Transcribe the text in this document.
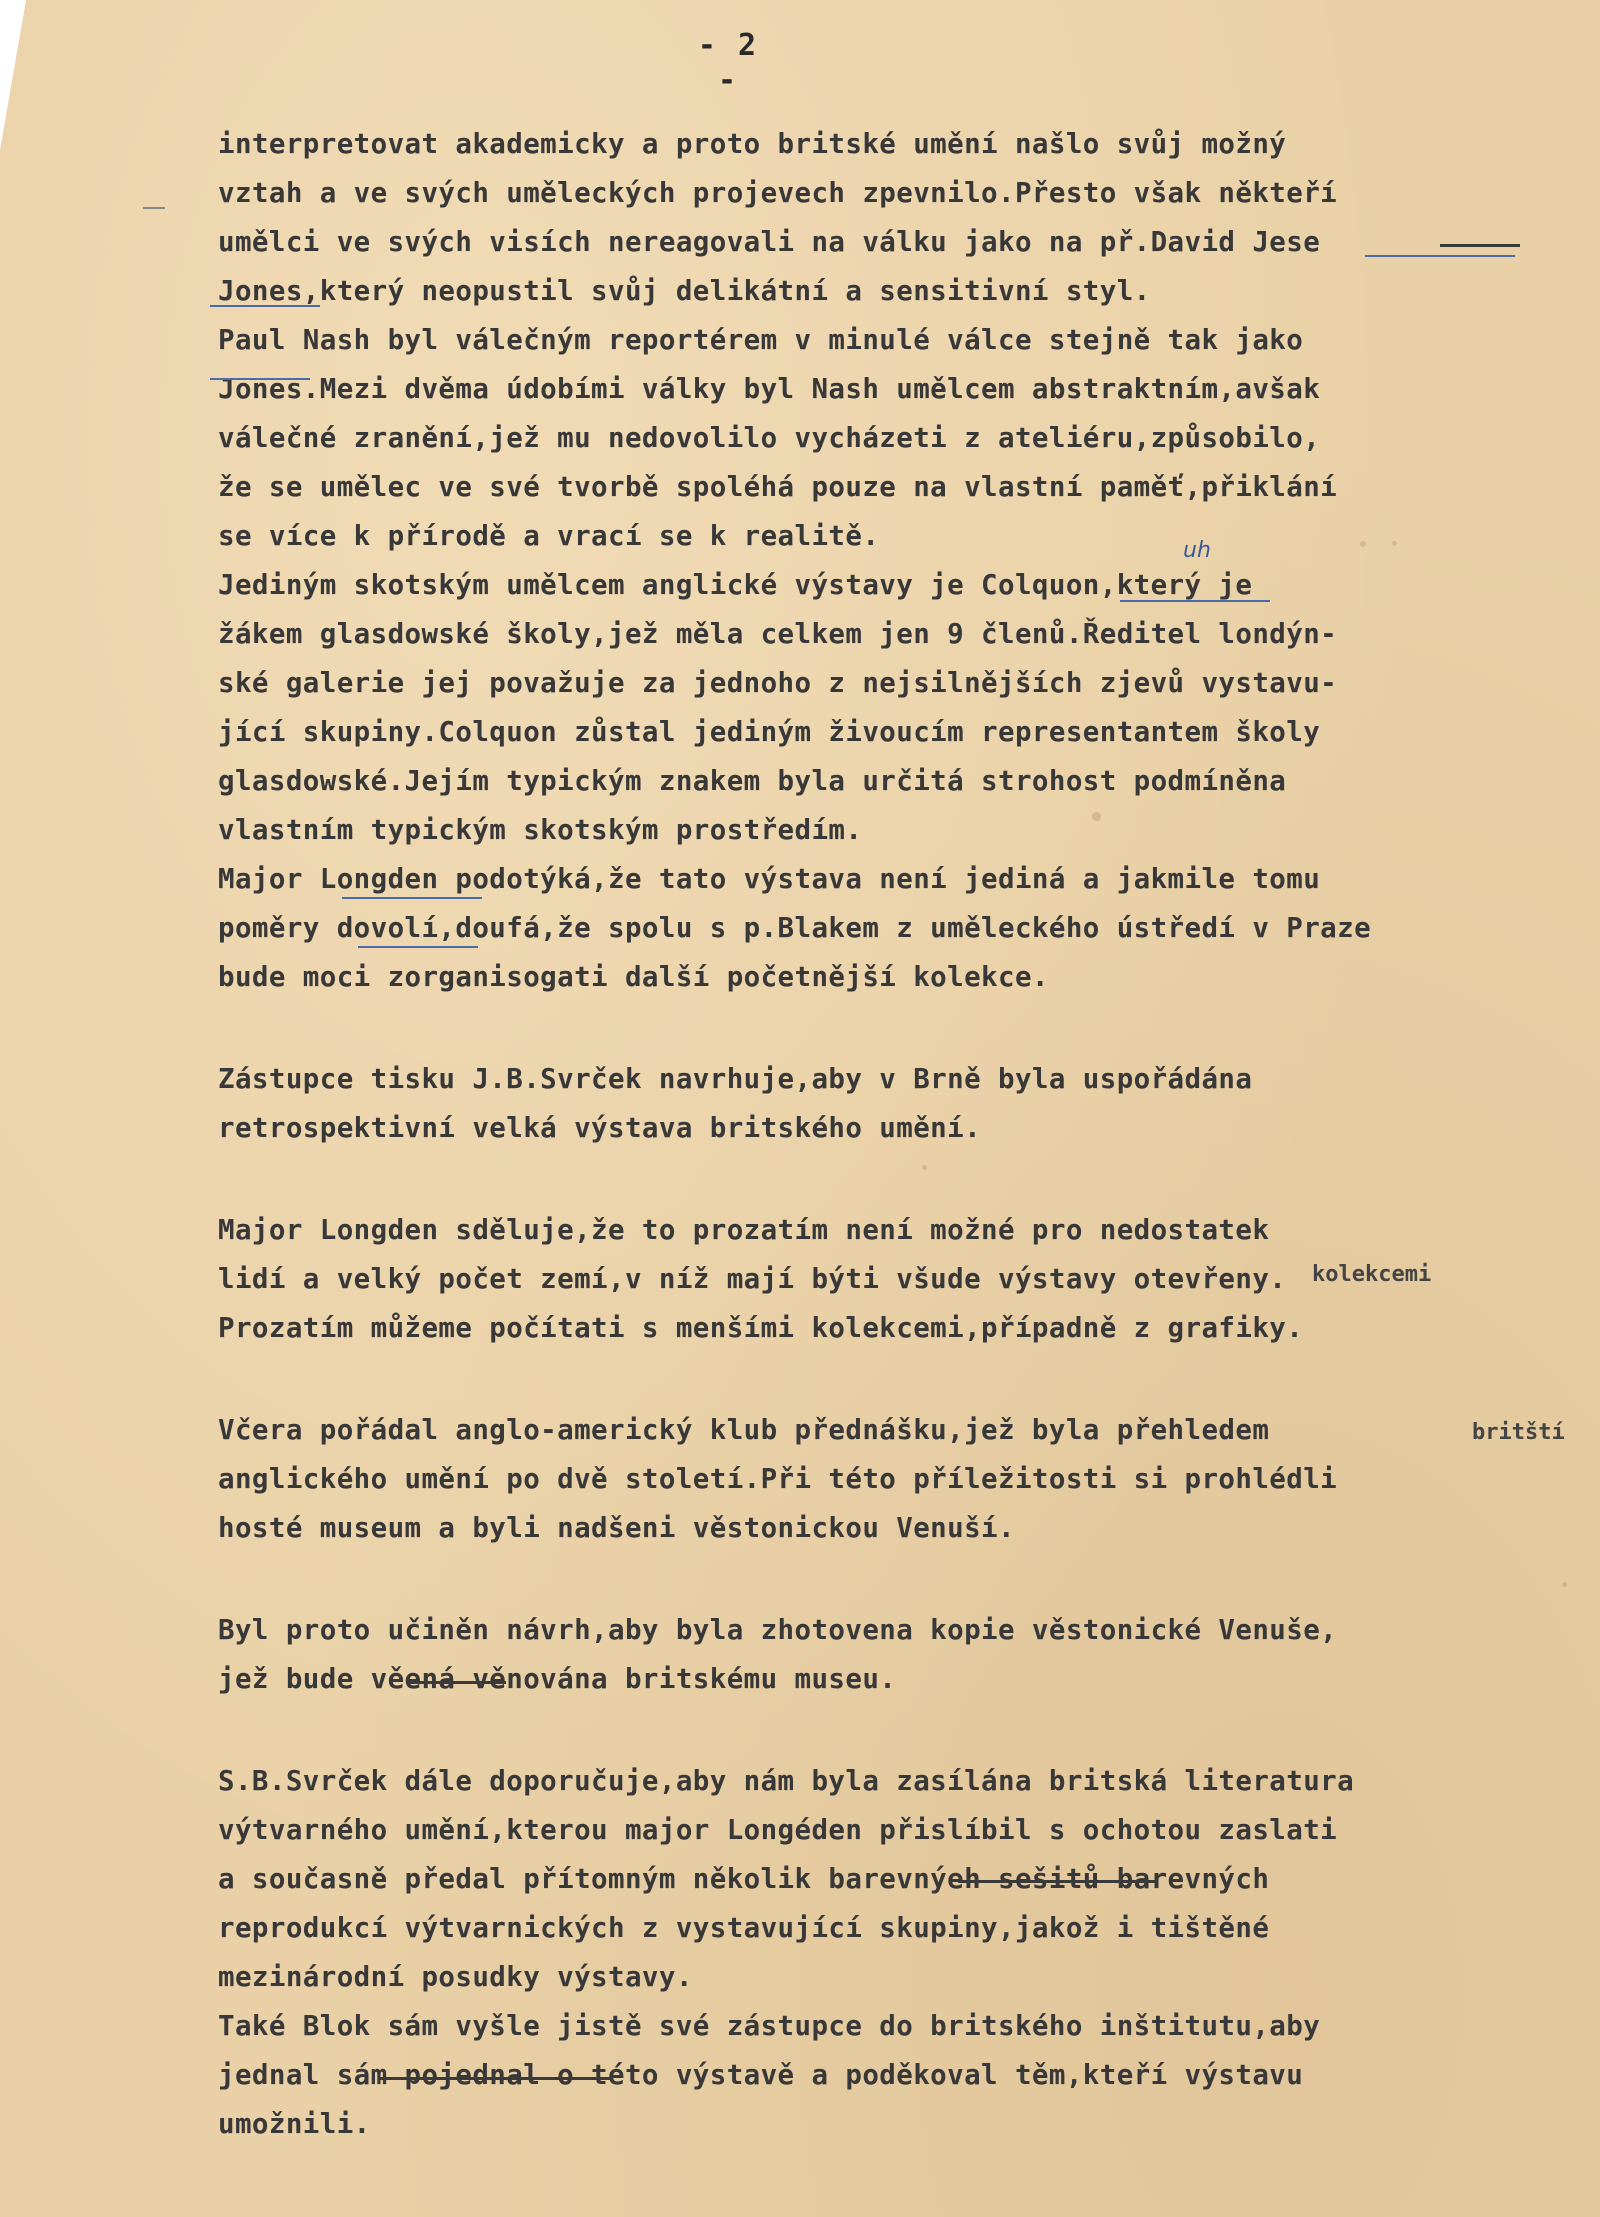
- 2 -

interpretovat akademicky a proto britské umění našlo svůj možný

vztah a ve svých uměleckých projevech zpevnilo.Přesto však někteří

umělci ve svých visích nereagovali na válku jako na př.David Jese

Jones,který neopustil svůj delikátní a sensitivní styl.

Paul Nash byl válečným reportérem v minulé válce stejně tak jako

Jones.Mezi dvěma údobími války byl Nash umělcem abstraktním,avšak

válečné zranění,jež mu nedovolilo vycházeti z ateliéru,způsobilo,

že se umělec ve své tvorbě spoléhá pouze na vlastní paměť,přiklání

se více k přírodě a vrací se k realitě.

Jediným skotským umělcem anglické výstavy je Colquon,který je

žákem glasdowské školy,jež měla celkem jen 9 členů.Ředitel londýn-

ské galerie jej považuje za jednoho z nejsilnějších zjevů vystavu-

jící skupiny.Colquon zůstal jediným živoucím representantem školy

glasdowské.Jejím typickým znakem byla určitá strohost podmíněna

vlastním typickým skotským prostředím.

Major Longden podotýká,že tato výstava není jediná a jakmile tomu

poměry dovolí,doufá,že spolu s p.Blakem z uměleckého ústředí v Praze

bude moci zorganisogati další početnější kolekce.

Zástupce tisku J.B.Svrček navrhuje,aby v Brně byla uspořádána

retrospektivní velká výstava britského umění.

Major Longden sděluje,že to prozatím není možné pro nedostatek

lidí a velký počet zemí,v níž mají býti všude výstavy otevřeny.

Prozatím můžeme počítati s menšími kolekcemi,případně z grafiky.

Včera pořádal anglo-americký klub přednášku,jež byla přehledem

anglického umění po dvě století.Při této příležitosti si prohlédli

hosté museum a byli nadšeni věstonickou Venuší.

Byl proto učiněn návrh,aby byla zhotovena kopie věstonické Venuše,

jež bude věená věnována britskému museu.

S.B.Svrček dále doporučuje,aby nám byla zasílána britská literatura

výtvarného umění,kterou major Longéden přislíbil s ochotou zaslati

a současně předal přítomným několik barevnýeh sešitů barevných

reprodukcí výtvarnických z vystavující skupiny,jakož i tištěné

mezinárodní posudky výstavy.

Také Blok sám vyšle jistě své zástupce do britského inštitutu,aby

jednal sám pojednal o této výstavě a poděkoval těm,kteří výstavu

umožnili.

uh
kolekcemi
britští
